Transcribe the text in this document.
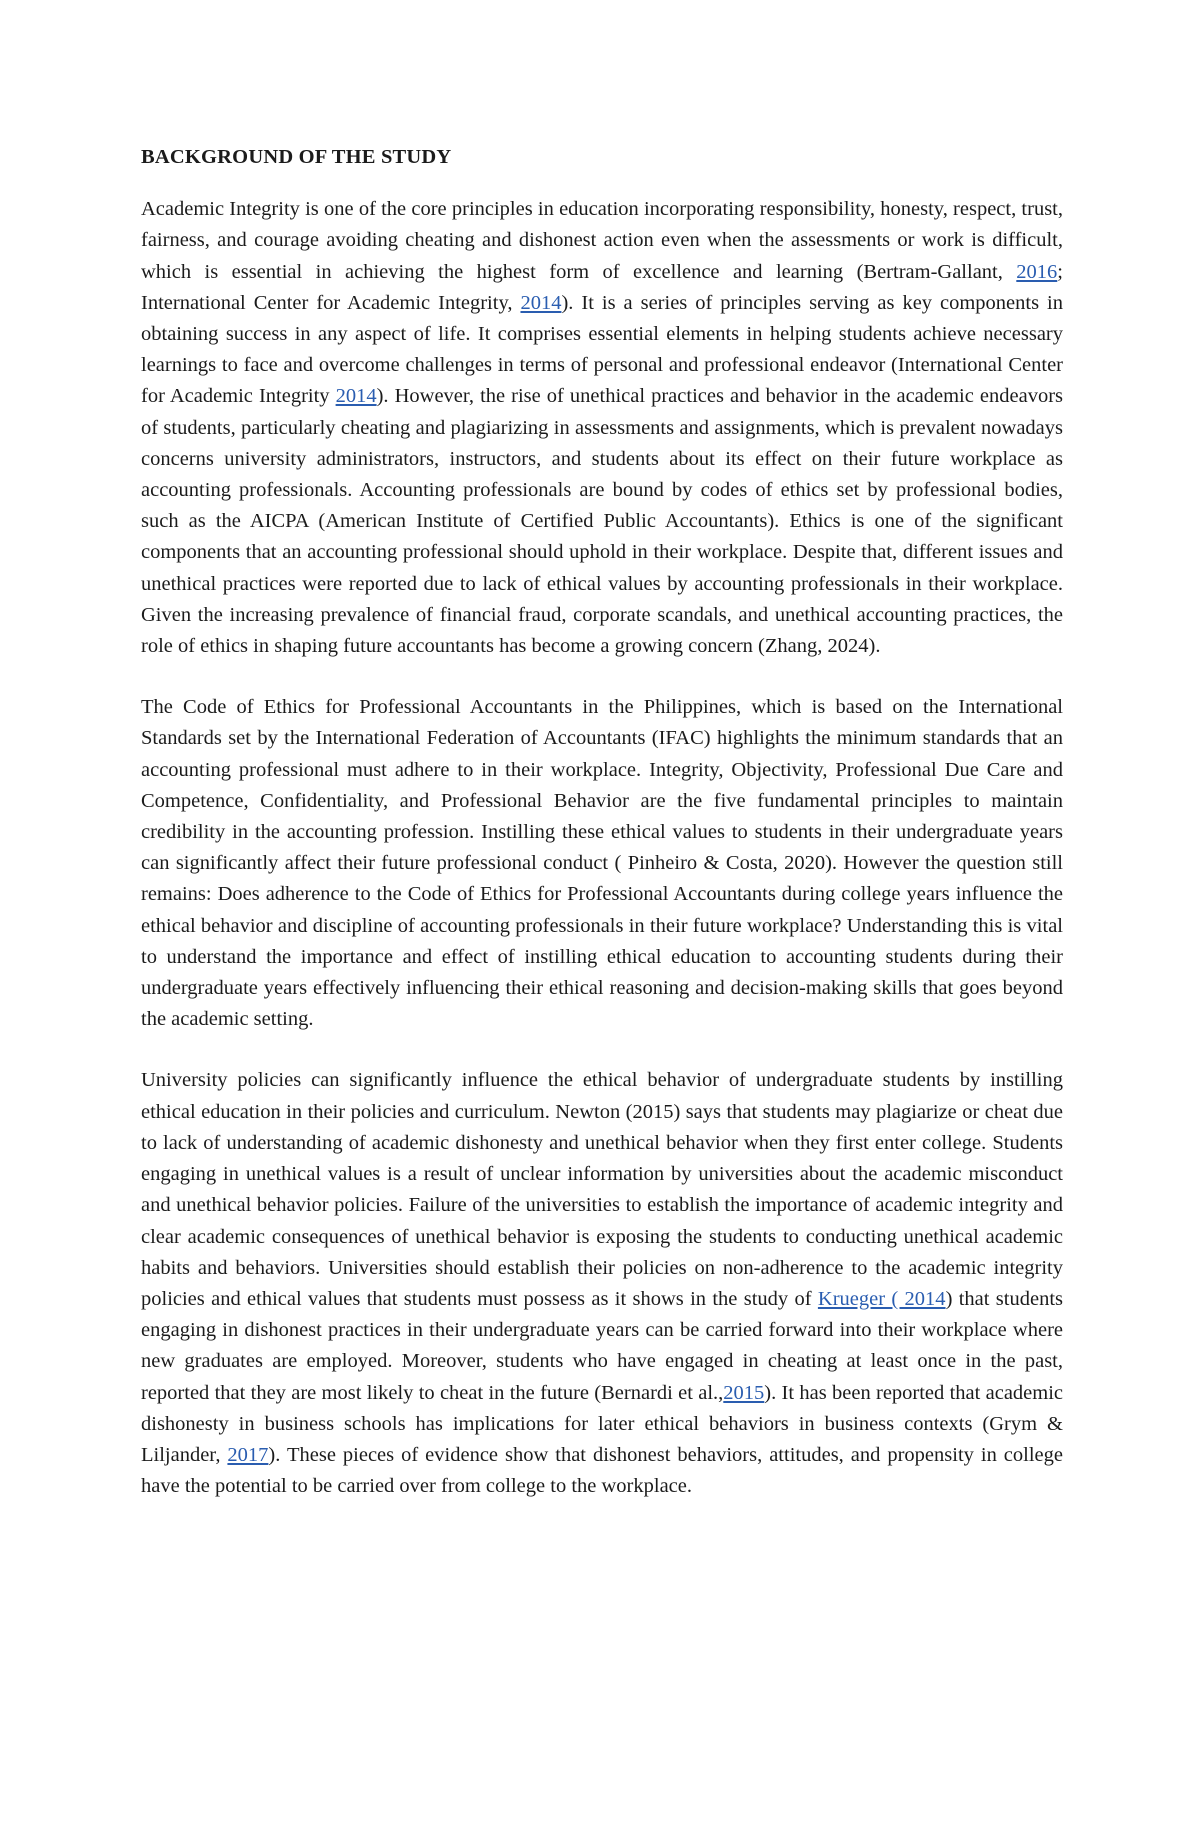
BACKGROUND OF THE STUDY

Academic Integrity is one of the core principles in education incorporating responsibility, honesty, respect, trust, fairness, and courage avoiding cheating and dishonest action even when the assessments or work is difficult, which is essential in achieving the highest form of excellence and learning (Bertram-Gallant, 2016; International Center for Academic Integrity, 2014). It is a series of principles serving as key components in obtaining success in any aspect of life. It comprises essential elements in helping students achieve necessary learnings to face and overcome challenges in terms of personal and professional endeavor (International Center for Academic Integrity 2014). However, the rise of unethical practices and behavior in the academic endeavors of students, particularly cheating and plagiarizing in assessments and assignments, which is prevalent nowadays concerns university administrators, instructors, and students about its effect on their future workplace as accounting professionals. Accounting professionals are bound by codes of ethics set by professional bodies, such as the AICPA (American Institute of Certified Public Accountants). Ethics is one of the significant components that an accounting professional should uphold in their workplace. Despite that, different issues and unethical practices were reported due to lack of ethical values by accounting professionals in their workplace. Given the increasing prevalence of financial fraud, corporate scandals, and unethical accounting practices, the role of ethics in shaping future accountants has become a growing concern (Zhang, 2024).

The Code of Ethics for Professional Accountants in the Philippines, which is based on the International Standards set by the International Federation of Accountants (IFAC) highlights the minimum standards that an accounting professional must adhere to in their workplace. Integrity, Objectivity, Professional Due Care and Competence, Confidentiality, and Professional Behavior are the five fundamental principles to maintain credibility in the accounting profession. Instilling these ethical values to students in their undergraduate years can significantly affect their future professional conduct ( Pinheiro & Costa, 2020). However the question still remains: Does adherence to the Code of Ethics for Professional Accountants during college years influence the ethical behavior and discipline of accounting professionals in their future workplace? Understanding this is vital to understand the importance and effect of instilling ethical education to accounting students during their undergraduate years effectively influencing their ethical reasoning and decision-making skills that goes beyond the academic setting.

University policies can significantly influence the ethical behavior of undergraduate students by instilling ethical education in their policies and curriculum. Newton (2015) says that students may plagiarize or cheat due to lack of understanding of academic dishonesty and unethical behavior when they first enter college. Students engaging in unethical values is a result of unclear information by universities about the academic misconduct and unethical behavior policies. Failure of the universities to establish the importance of academic integrity and clear academic consequences of unethical behavior is exposing the students to conducting unethical academic habits and behaviors. Universities should establish their policies on non-adherence to the academic integrity policies and ethical values that students must possess as it shows in the study of Krueger ( 2014) that students engaging in dishonest practices in their undergraduate years can be carried forward into their workplace where new graduates are employed. Moreover, students who have engaged in cheating at least once in the past, reported that they are most likely to cheat in the future (Bernardi et al.,2015). It has been reported that academic dishonesty in business schools has implications for later ethical behaviors in business contexts (Grym & Liljander, 2017). These pieces of evidence show that dishonest behaviors, attitudes, and propensity in college have the potential to be carried over from college to the workplace.
